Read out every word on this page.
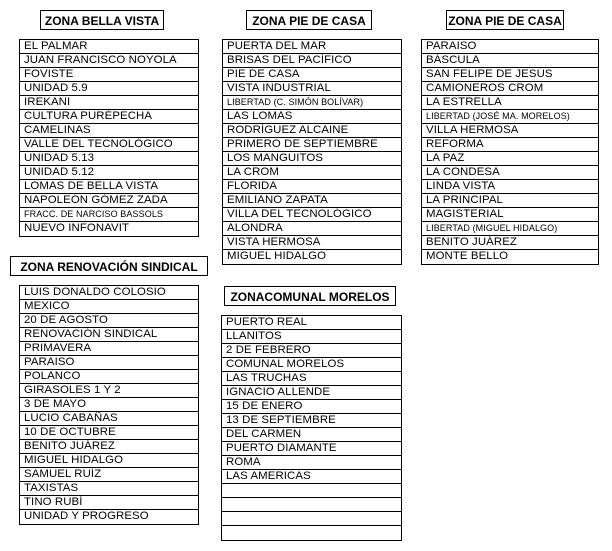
ZONA BELLA VISTA
EL PALMAR
JUAN FRANCISCO NOYOLA
FOVISTE
UNIDAD 5.9
IREKANI
CULTURA PURÉPECHA
CAMELINAS
VALLE DEL TECNOLÓGICO
UNIDAD 5.13
UNIDAD 5.12
LOMAS DE BELLA VISTA
NAPOLEÓN GÓMEZ ZADA
FRACC. DE NARCISO BASSOLS
NUEVO INFONAVIT
ZONA PIE DE CASA
PUERTA DEL MAR
BRISAS DEL PACÍFICO
PIE DE CASA
VISTA INDUSTRIAL
LIBERTAD (C. SIMÓN BOLÍVAR)
LAS LOMAS
RODRÍGUEZ ALCAINE
PRIMERO DE SEPTIEMBRE
LOS MANGUITOS
LA CROM
FLORIDA
EMILIANO ZAPATA
VILLA DEL TECNOLÓGICO
ALONDRA
VISTA HERMOSA
MIGUEL HIDALGO
ZONA PIE DE CASA
PARAISO
BÁSCULA
SAN FELIPE DE JESÚS
CAMIONEROS CROM
LA ESTRELLA
LIBERTAD (JOSÉ MA. MORELOS)
VILLA HERMOSA
REFORMA
LA PAZ
LA CONDESA
LINDA VISTA
LA PRINCIPAL
MAGISTERIAL
LIBERTAD (MIGUEL HIDALGO)
BENITO JUÁREZ
MONTE BELLO
ZONA RENOVACIÓN SINDICAL
LUIS DONALDO COLOSIO
MEXICO
20 DE AGOSTO
RENOVACIÓN SINDICAL
PRIMAVERA
PARAISO
POLANCO
GIRASOLES 1 Y 2
3 DE MAYO
LUCIO CABAÑAS
10 DE OCTUBRE
BENITO JUÁREZ
MIGUEL HIDALGO
SAMUEL RUÍZ
TAXISTAS
TINO RUBÍ
UNIDAD Y PROGRESO
ZONACOMUNAL MORELOS
PUERTO REAL
LLANITOS
2 DE FEBRERO
COMUNAL MORELOS
LAS TRUCHAS
IGNACIO ALLENDE
15 DE ENERO
13 DE SEPTIEMBRE
DEL CARMEN
PUERTO DIAMANTE
ROMA
LAS AMERICAS
